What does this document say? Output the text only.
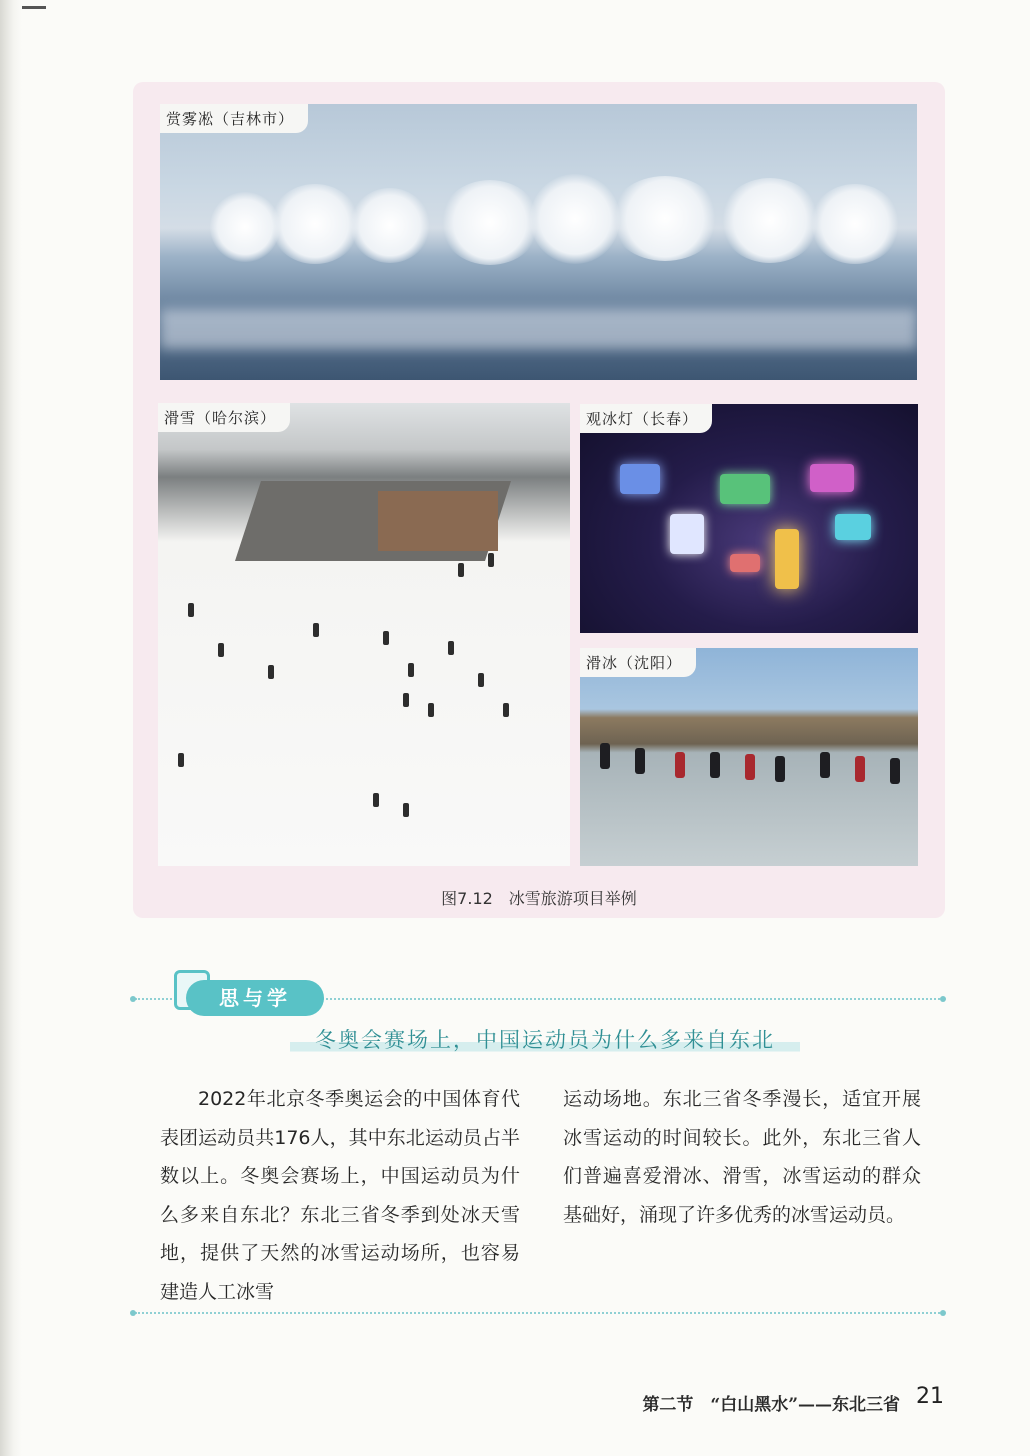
赏雾凇（吉林市）
滑雪（哈尔滨）	观冰灯（长春）
滑冰（沈阳）
图7.12　冰雪旅游项目举例
思与学
冬奥会赛场上，中国运动员为什么多来自东北
2022年北京冬季奥运会的中国体育代表团运动员共176人，其中东北运动员占半数以上。冬奥会赛场上，中国运动员为什么多来自东北？东北三省冬季到处冰天雪地，提供了天然的冰雪运动场所，也容易建造人工冰雪
运动场地。东北三省冬季漫长，适宜开展冰雪运动的时间较长。此外，东北三省人们普遍喜爱滑冰、滑雪，冰雪运动的群众基础好，涌现了许多优秀的冰雪运动员。
第二节　“白山黑水”——东北三省 21
